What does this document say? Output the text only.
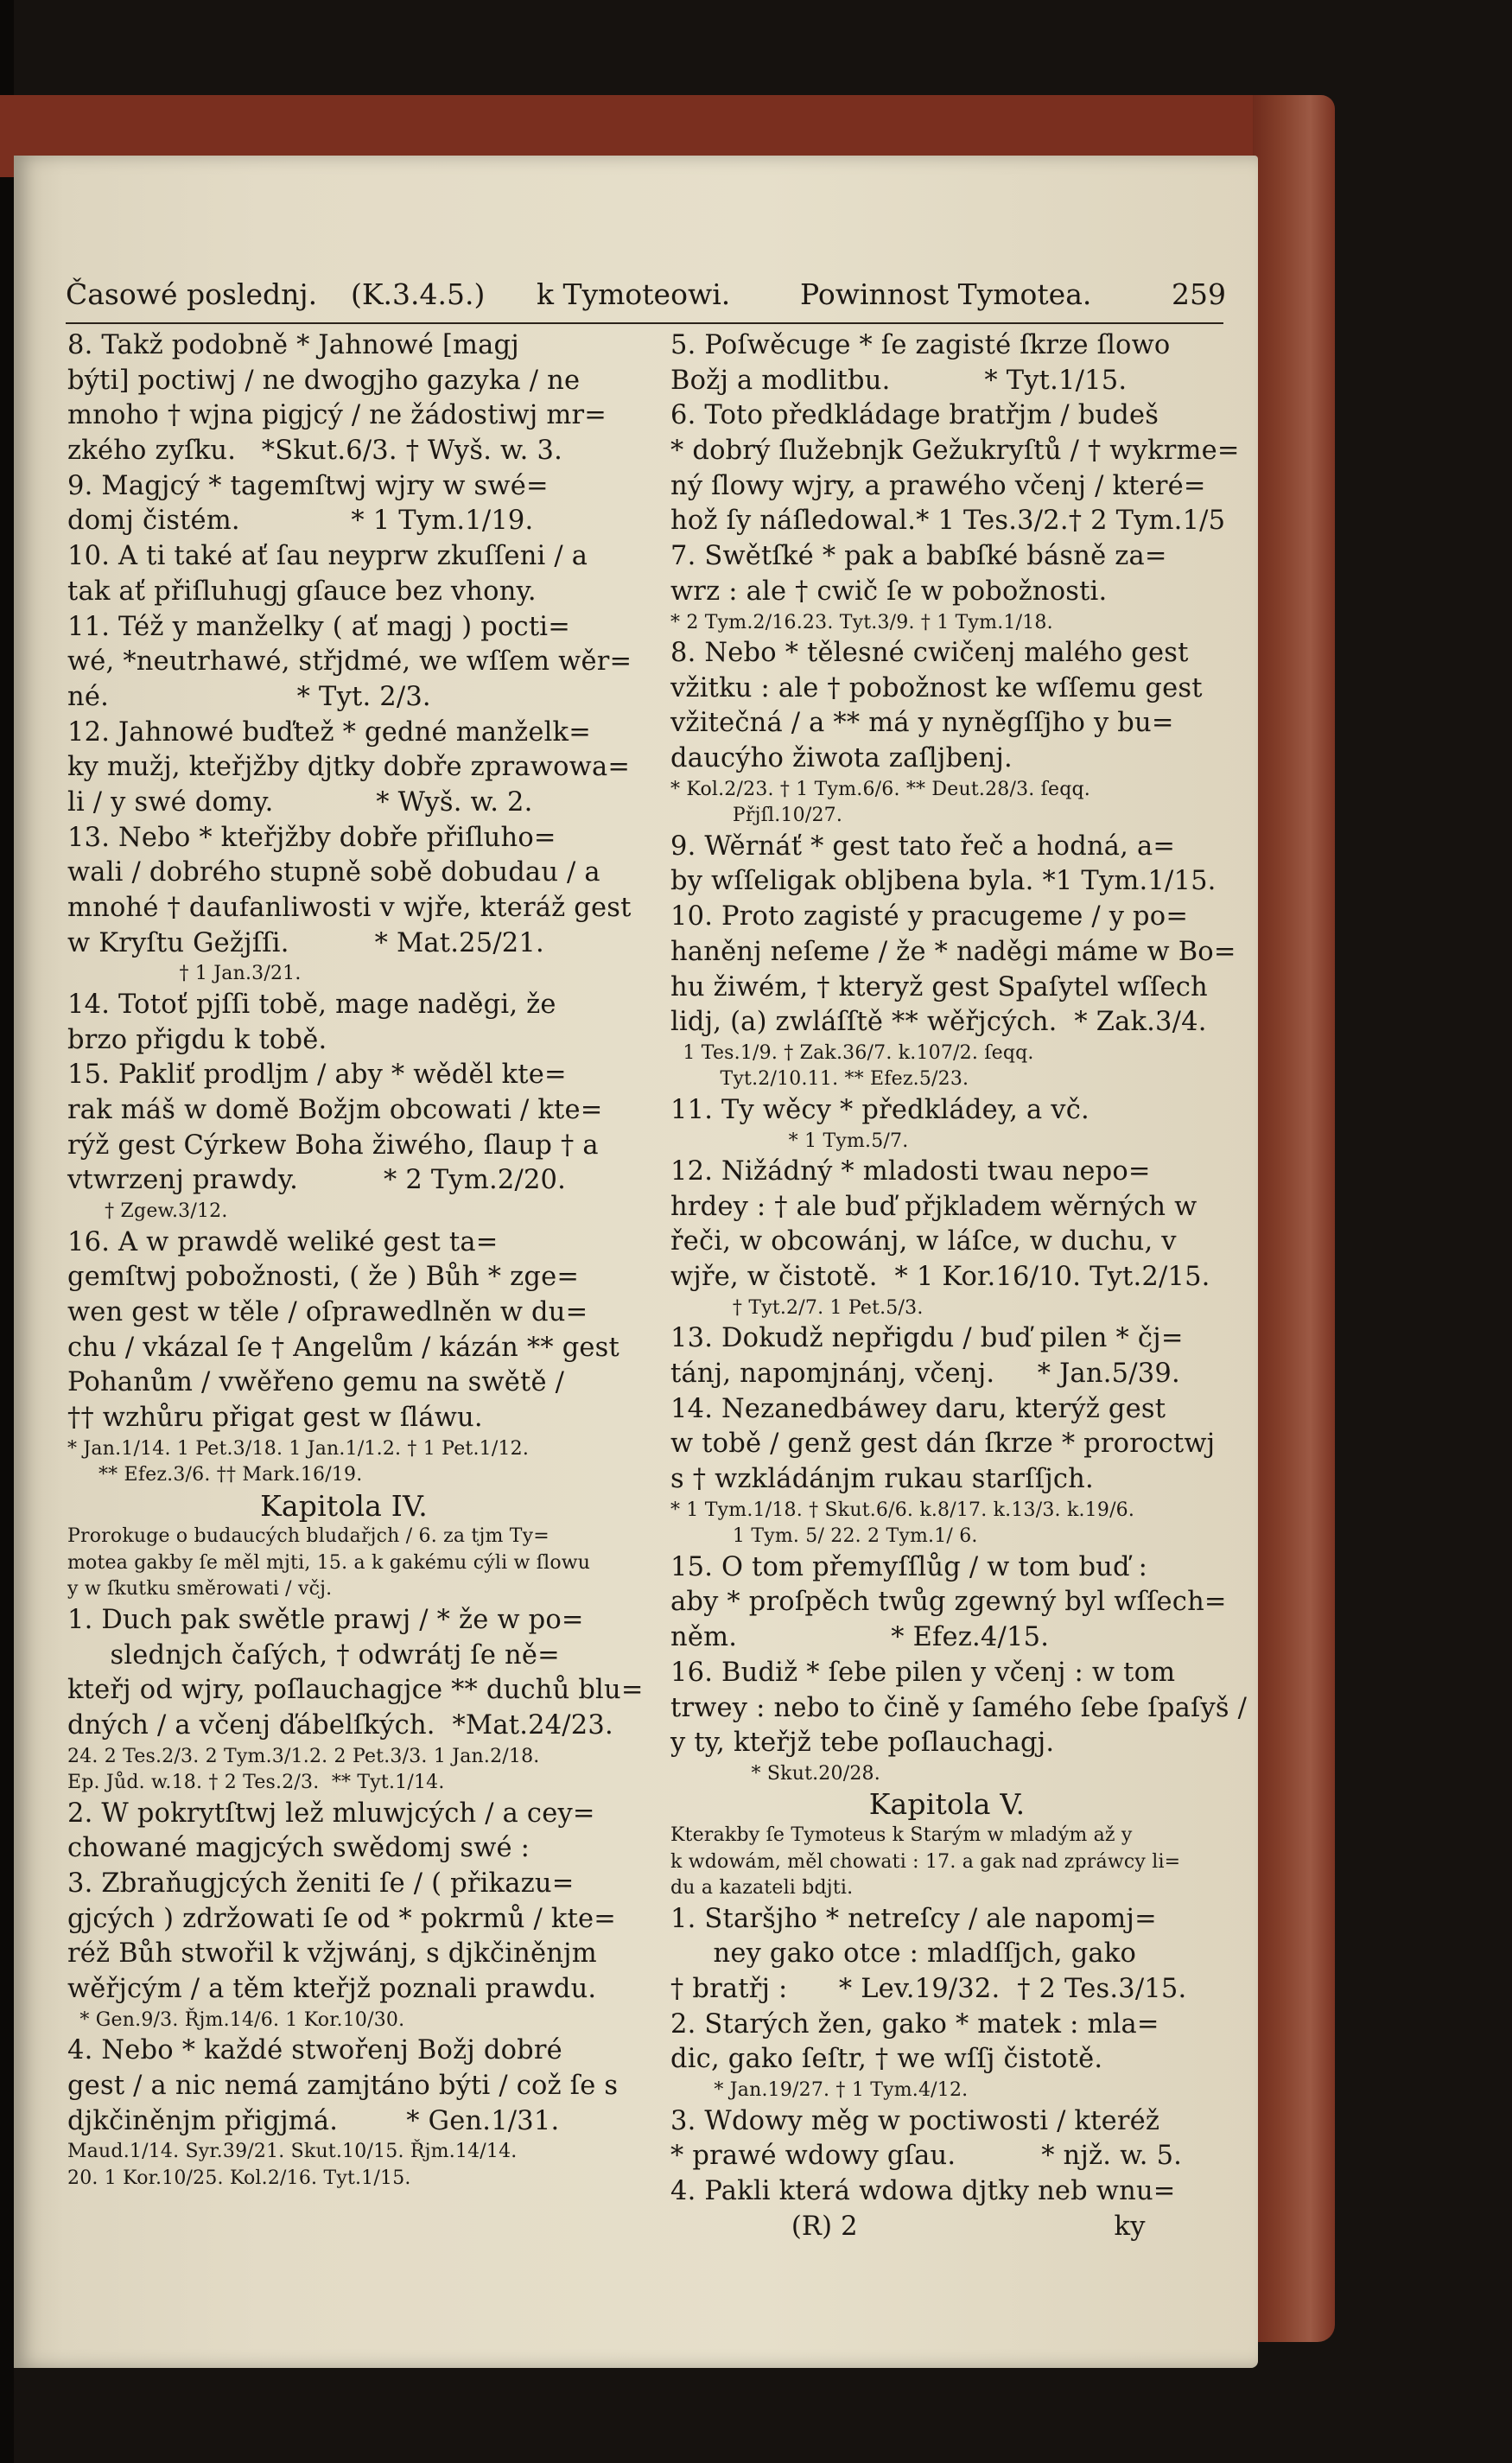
Časowé poslednj. (K.3.4.5.) k Tymoteowi. Powinnost Tymotea.	259
8. Takž podobně * Jahnowé [magj
býti] poctiwj / ne dwogjho gazyka / ne
mnoho † wjna pigjcý / ne žádostiwj mr=
zkého zyſku.   *Skut.6/3. † Wyš. w. 3.
9. Magjcý * tagemſtwj wjry w swé=
domj čistém.             * 1 Tym.1/19.
10. A ti také ať ſau neyprw zkuſſeni / a
tak ať přiſluhugj gſauce bez vhony.
11. Též y manželky ( ať magj ) pocti=
wé, *neutrhawé, střjdmé, we wſſem wěr=
né.                      * Tyt. 2/3.
12. Jahnowé buďtež * gedné manželk=
ky mužj, kteřjžby djtky dobře zprawowa=
li / y swé domy.            * Wyš. w. 2.
13. Nebo * kteřjžby dobře přiſluho=
wali / dobrého stupně sobě dobudau / a
mnohé † daufanliwosti v wjře, kteráž gest
w Kryſtu Gežjſſi.          * Mat.25/21.
† 1 Jan.3/21.
14. Totoť pjſſi tobě, mage naděgi, že
brzo přigdu k tobě.
15. Pakliť prodljm / aby * wěděl kte=
rak máš w domě Božjm obcowati / kte=
rýž gest Cýrkew Boha žiwého, ſlaup † a
vtwrzenj prawdy.          * 2 Tym.2/20.
† Zgew.3/12.
16. A w prawdě weliké gest ta=
gemſtwj pobožnosti, ( že ) Bůh * zge=
wen gest w těle / oſprawedlněn w du=
chu / vkázal ſe † Angelům / kázán ** gest
Pohanům / vwěřeno gemu na swětě /
†† wzhůru přigat gest w ſláwu.
* Jan.1/14. 1 Pet.3/18. 1 Jan.1/1.2. † 1 Pet.1/12.
** Efez.3/6. †† Mark.16/19.
Kapitola IV.
Prorokuge o budaucých bludařjch / 6. za tjm Ty=
motea gakby ſe měl mjti, 15. a k gakému cýli w ſlowu
y w ſkutku směrowati / včj.
1. Duch pak swětle prawj / * že w po=
slednjch čaſých, † odwrátj ſe ně=
kteřj od wjry, poſlauchagjce ** duchů blu=
dných / a včenj ďábelſkých.  *Mat.24/23.
24. 2 Tes.2/3. 2 Tym.3/1.2. 2 Pet.3/3. 1 Jan.2/18.
Ep. Jůd. w.18. † 2 Tes.2/3.  ** Tyt.1/14.
2. W pokrytſtwj lež mluwjcých / a cey=
chowané magjcých swědomj swé :
3. Zbraňugjcých ženiti ſe / ( přikazu=
gjcých ) zdržowati ſe od * pokrmů / kte=
réž Bůh stwořil k vžjwánj, s djkčiněnjm
wěřjcým / a těm kteřjž poznali prawdu.
* Gen.9/3. Řjm.14/6. 1 Kor.10/30.
4. Nebo * každé stwořenj Božj dobré
gest / a nic nemá zamjtáno býti / což ſe s
djkčiněnjm přigjmá.        * Gen.1/31.
Maud.1/14. Syr.39/21. Skut.10/15. Řjm.14/14.
20. 1 Kor.10/25. Kol.2/16. Tyt.1/15.
5. Poſwěcuge * ſe zagisté ſkrze ſlowo
Božj a modlitbu.           * Tyt.1/15.
6. Toto předkládage bratřjm / budeš
* dobrý ſlužebnjk Gežukryſtů / † wykrme=
ný ſlowy wjry, a prawého včenj / které=
hož ſy náſledowal.* 1 Tes.3/2.† 2 Tym.1/5
7. Swětſké * pak a babſké básně za=
wrz : ale † cwič ſe w pobožnosti.
* 2 Tym.2/16.23. Tyt.3/9. † 1 Tym.1/18.
8. Nebo * tělesné cwičenj malého gest
vžitku : ale † pobožnost ke wſſemu gest
vžitečná / a ** má y nyněgſſjho y bu=
daucýho žiwota zaſljbenj.
* Kol.2/23. † 1 Tym.6/6. ** Deut.28/3. ſeqq.
Přjſl.10/27.
9. Wěrnáť * gest tato řeč a hodná, a=
by wſſeligak obljbena byla. *1 Tym.1/15.
10. Proto zagisté y pracugeme / y po=
haněnj neſeme / že * naděgi máme w Bo=
hu žiwém, † kteryž gest Spaſytel wſſech
lidj, (a) zwláſſtě ** wěřjcých.  * Zak.3/4.
1 Tes.1/9. † Zak.36/7. k.107/2. ſeqq.
Tyt.2/10.11. ** Efez.5/23.
11. Ty wěcy * předkládey, a vč.
* 1 Tym.5/7.
12. Nižádný * mladosti twau nepo=
hrdey : † ale buď přjkladem wěrných w
řeči, w obcowánj, w láſce, w duchu, v
wjře, w čistotě.  * 1 Kor.16/10. Tyt.2/15.
† Tyt.2/7. 1 Pet.5/3.
13. Dokudž nepřigdu / buď pilen * čj=
tánj, napomjnánj, včenj.     * Jan.5/39.
14. Nezanedbáwey daru, kterýž gest
w tobě / genž gest dán ſkrze * proroctwj
s † wzkládánjm rukau starſſjch.
* 1 Tym.1/18. † Skut.6/6. k.8/17. k.13/3. k.19/6.
1 Tym. 5/ 22. 2 Tym.1/ 6.
15. O tom přemyſſlůg / w tom buď :
aby * proſpěch twůg zgewný byl wſſech=
něm.                  * Efez.4/15.
16. Budiž * ſebe pilen y včenj : w tom
trwey : nebo to čině y ſamého ſebe ſpaſyš /
y ty, kteřjž tebe poſlauchagj.
* Skut.20/28.
Kapitola V.
Kterakby ſe Tymoteus k Starým w mladým až y
k wdowám, měl chowati : 17. a gak nad zpráwcy li=
du a kazateli bdjti.
1. Staršjho * netreſcy / ale napomj=
ney gako otce : mladſſjch, gako
† bratřj :      * Lev.19/32.  † 2 Tes.3/15.
2. Starých žen, gako * matek : mla=
dic, gako ſeſtr, † we wſſj čistotě.
* Jan.19/27. † 1 Tym.4/12.
3. Wdowy měg w poctiwosti / kteréž
* prawé wdowy gſau.          * njž. w. 5.
4. Pakli která wdowa djtky neb wnu=
(R) 2                              ky
